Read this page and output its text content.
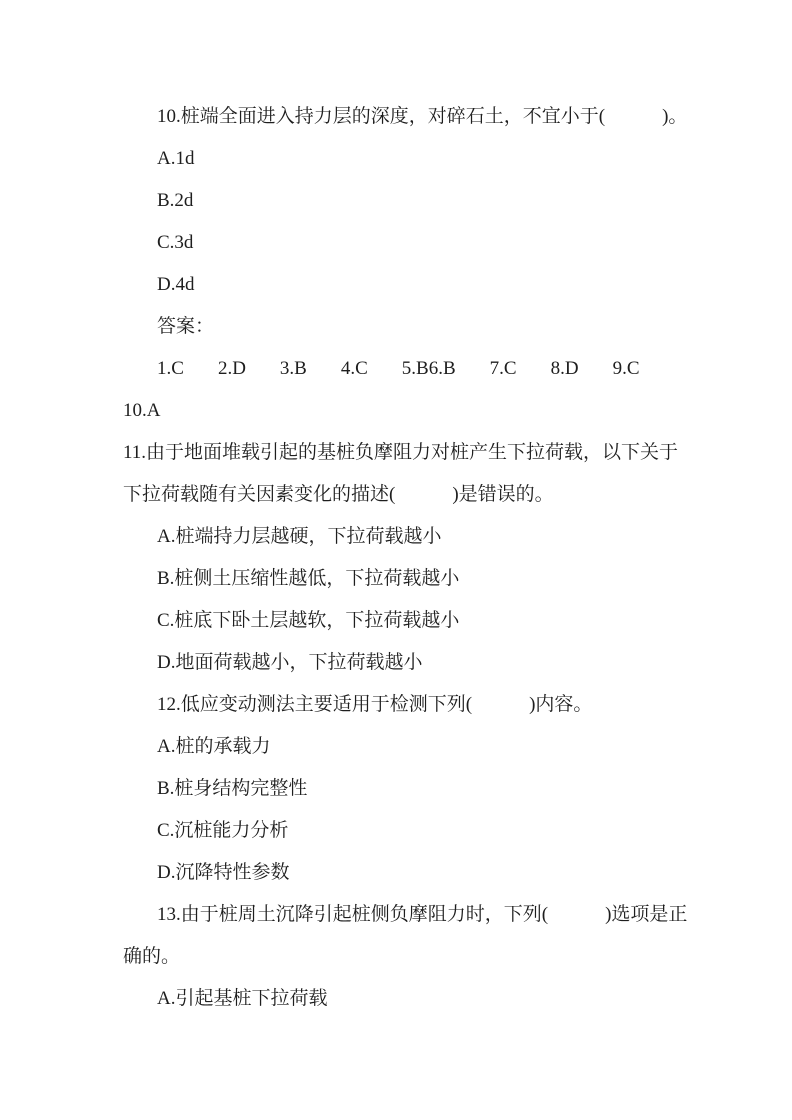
10.桩端全面进入持力层的深度，对碎石土，不宜小于(   )。

A.1d

B.2d

C.3d

D.4d

答案：

1.C 2.D 3.B 4.C 5.B6.B 7.C 8.D 9.C

10.A

11.由于地面堆载引起的基桩负摩阻力对桩产生下拉荷载，以下关于

下拉荷载随有关因素变化的描述(   )是错误的。

A.桩端持力层越硬，下拉荷载越小

B.桩侧土压缩性越低，下拉荷载越小

C.桩底下卧土层越软，下拉荷载越小

D.地面荷载越小，下拉荷载越小

12.低应变动测法主要适用于检测下列(   )内容。

A.桩的承载力

B.桩身结构完整性

C.沉桩能力分析

D.沉降特性参数

13.由于桩周土沉降引起桩侧负摩阻力时，下列(   )选项是正

确的。

A.引起基桩下拉荷载
